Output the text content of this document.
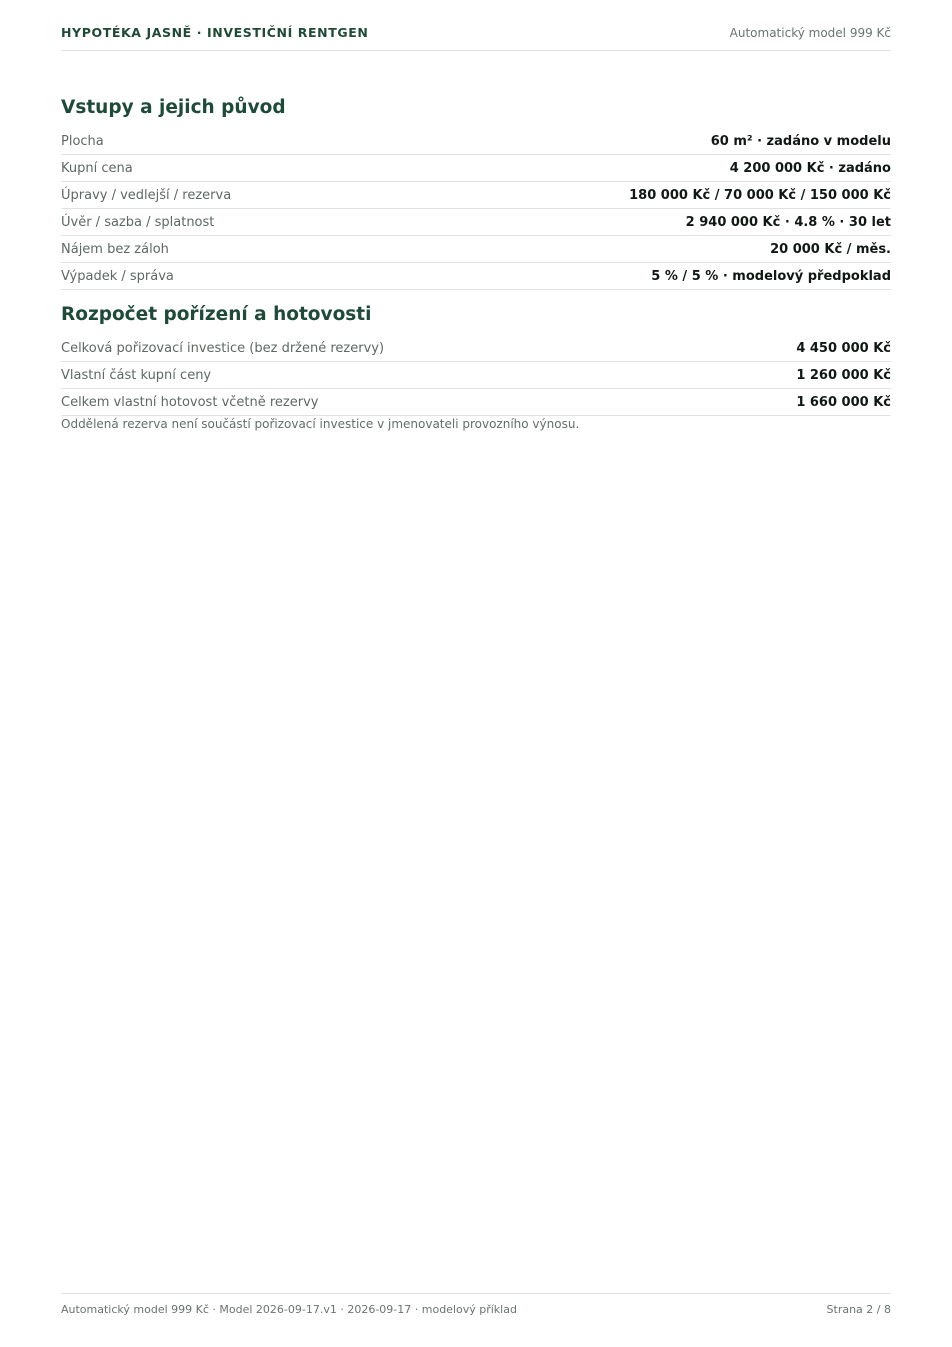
HYPOTÉKA JASNĚ · INVESTIČNÍ RENTGEN	Automatický model 999 Kč
Vstupy a jejich původ
Plocha	60 m² · zadáno v modelu
Kupní cena	4 200 000 Kč · zadáno
Úpravy / vedlejší / rezerva	180 000 Kč / 70 000 Kč / 150 000 Kč
Úvěr / sazba / splatnost	2 940 000 Kč · 4.8 % · 30 let
Nájem bez záloh	20 000 Kč / měs.
Výpadek / správa	5 % / 5 % · modelový předpoklad
Rozpočet pořízení a hotovosti
Celková pořizovací investice (bez držené rezervy)	4 450 000 Kč
Vlastní část kupní ceny	1 260 000 Kč
Celkem vlastní hotovost včetně rezervy	1 660 000 Kč
Oddělená rezerva není součástí pořizovací investice v jmenovateli provozního výnosu.
Automatický model 999 Kč · Model 2026-09-17.v1 · 2026-09-17 · modelový příklad	Strana 2 / 8
